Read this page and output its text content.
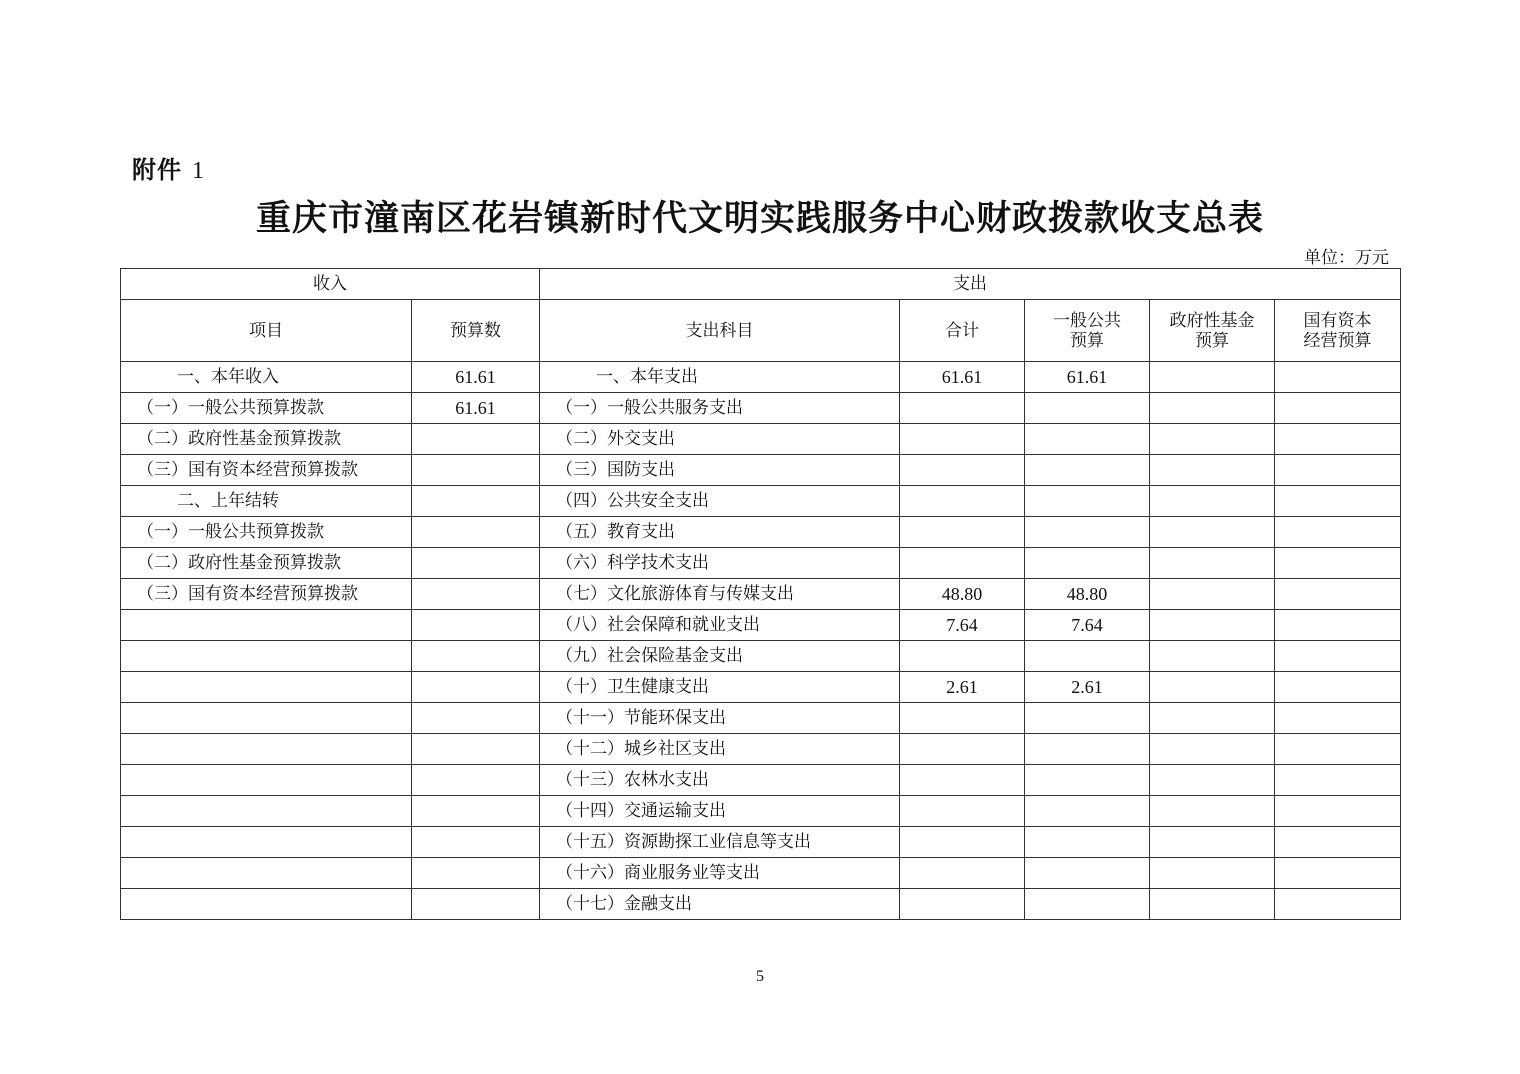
附件 1
重庆市潼南区花岩镇新时代文明实践服务中心财政拨款收支总表
单位：万元
收入		支出				
项目	预算数	支出科目	合计	一般公共预算	政府性基金预算	国有资本经营预算
一、本年收入	61.61	一、本年支出	61.61	61.61		
（一）一般公共预算拨款	61.61	（一）一般公共服务支出				
（二）政府性基金预算拨款		（二）外交支出				
（三）国有资本经营预算拨款		（三）国防支出				
二、上年结转		（四）公共安全支出				
（一）一般公共预算拨款		（五）教育支出				
（二）政府性基金预算拨款		（六）科学技术支出				
（三）国有资本经营预算拨款		（七）文化旅游体育与传媒支出	48.80	48.80		
		（八）社会保障和就业支出	7.64	7.64		
		（九）社会保险基金支出				
		（十）卫生健康支出	2.61	2.61		
		（十一）节能环保支出				
		（十二）城乡社区支出				
		（十三）农林水支出				
		（十四）交通运输支出				
		（十五）资源勘探工业信息等支出				
		（十六）商业服务业等支出				
		（十七）金融支出				
5
